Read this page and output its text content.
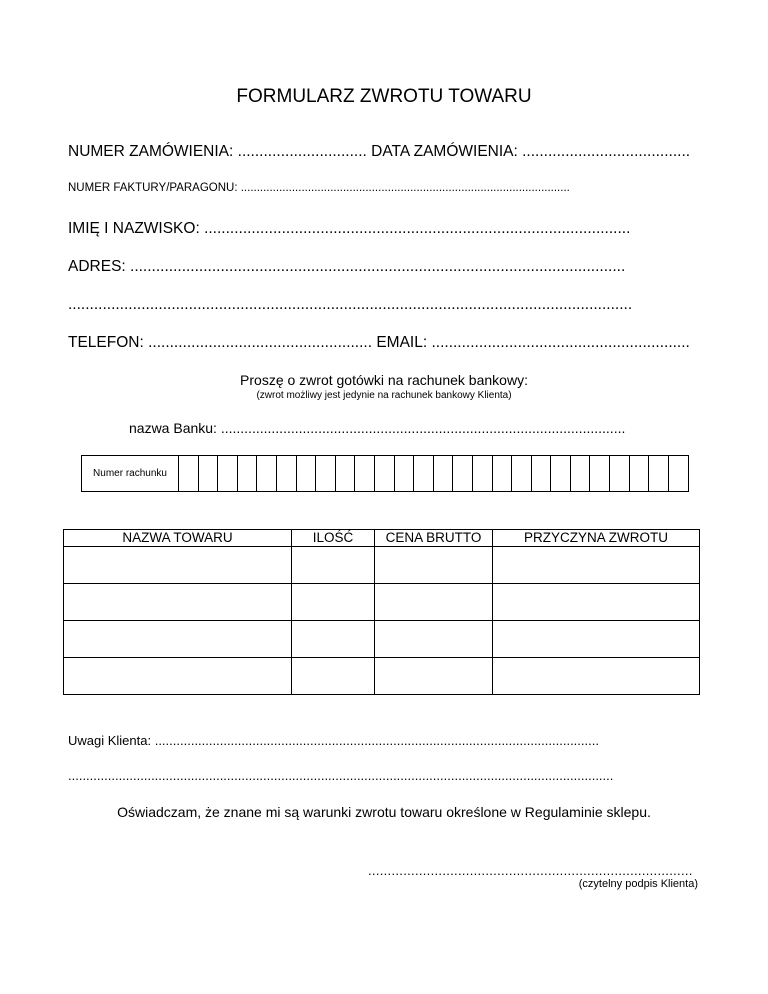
FORMULARZ ZWROTU TOWARU
NUMER ZAMÓWIENIA: .............................. DATA ZAMÓWIENIA: .......................................
NUMER FAKTURY/PARAGONU: .......................................................................................................
IMIĘ I NAZWISKO: ...................................................................................................
ADRES: ...................................................................................................................
...................................................................................................................................
TELEFON: .................................................... EMAIL: ............................................................
Proszę o zwrot gotówki na rachunek bankowy:
(zwrot możliwy jest jedynie na rachunek bankowy Klienta)
nazwa Banku: ........................................................................................................
Numer rachunku
NAZWA TOWARU	ILOŚĆ	CENA BRUTTO	PRZYCZYNA ZWROTU

Uwagi Klienta: ...........................................................................................................................
.......................................................................................................................................................
Oświadczam, że znane mi są warunki zwrotu towaru określone w Regulaminie sklepu.
...................................................................................
(czytelny podpis Klienta)
